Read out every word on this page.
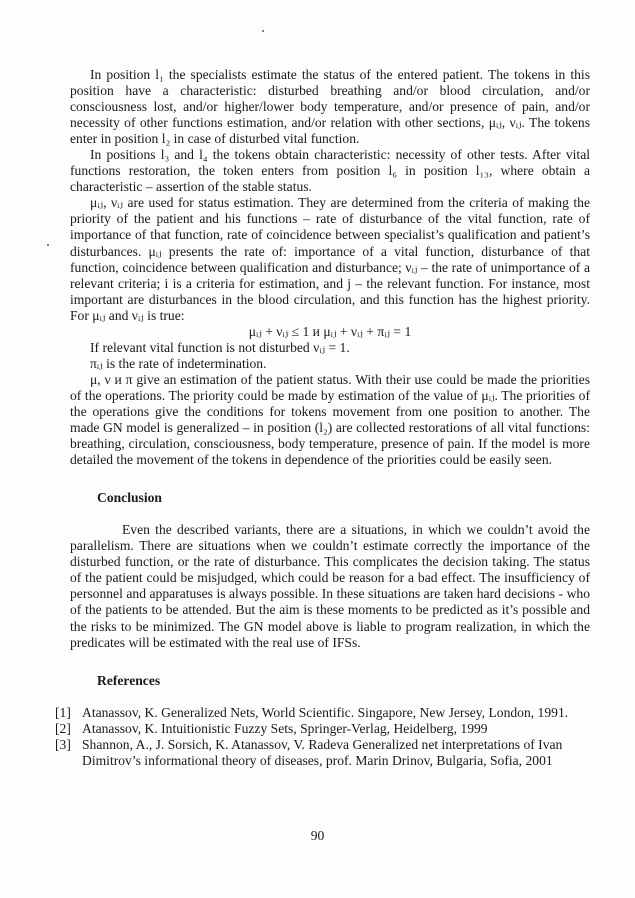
In position l₁ the specialists estimate the status of the entered patient. The tokens in this position have a characteristic: disturbed breathing and/or blood circulation, and/or consciousness lost, and/or higher/lower body temperature, and/or presence of pain, and/or necessity of other functions estimation, and/or relation with other sections, μᵢⱼ, νᵢⱼ. The tokens enter in position l₂ in case of disturbed vital function.

In positions l₃ and l₄ the tokens obtain characteristic: necessity of other tests. After vital functions restoration, the token enters from position l₆ in position l₁₃, where obtain a characteristic – assertion of the stable status.

μᵢⱼ, νᵢⱼ are used for status estimation. They are determined from the criteria of making the priority of the patient and his functions – rate of disturbance of the vital function, rate of importance of that function, rate of coincidence between specialist’s qualification and patient’s disturbances. μᵢⱼ presents the rate of: importance of a vital function, disturbance of that function, coincidence between qualification and disturbance; νᵢⱼ – the rate of unimportance of a relevant criteria; i is a criteria for estimation, and j – the relevant function. For instance, most important are disturbances in the blood circulation, and this function has the highest priority. For μᵢⱼ and νᵢⱼ is true:

μᵢⱼ + νᵢⱼ ≤ 1 и μᵢⱼ + νᵢⱼ + πᵢⱼ = 1

If relevant vital function is not disturbed νᵢⱼ = 1.

πᵢⱼ is the rate of indetermination.

μ, ν и π give an estimation of the patient status. With their use could be made the priorities of the operations. The priority could be made by estimation of the value of μᵢⱼ. The priorities of the operations give the conditions for tokens movement from one position to another. The made GN model is generalized – in position (l₂) are collected restorations of all vital functions: breathing, circulation, consciousness, body temperature, presence of pain. If the model is more detailed the movement of the tokens in dependence of the priorities could be easily seen.

Conclusion

Even the described variants, there are a situations, in which we couldn’t avoid the parallelism. There are situations when we couldn’t estimate correctly the importance of the disturbed function, or the rate of disturbance. This complicates the decision taking. The status of the patient could be misjudged, which could be reason for a bad effect. The insufficiency of personnel and apparatuses is always possible. In these situations are taken hard decisions - who of the patients to be attended. But the aim is these moments to be predicted as it’s possible and the risks to be minimized. The GN model above is liable to program realization, in which the predicates will be estimated with the real use of IFSs.

References
[1] Atanassov, K. Generalized Nets, World Scientific. Singapore, New Jersey, London, 1991.
[2] Atanassov, K. Intuitionistic Fuzzy Sets, Springer-Verlag, Heidelberg, 1999
[3] Shannon, A., J. Sorsich, K. Atanassov, V. Radeva Generalized net interpretations of Ivan Dimitrov’s informational theory of diseases, prof. Marin Drinov, Bulgaria, Sofia, 2001
90
